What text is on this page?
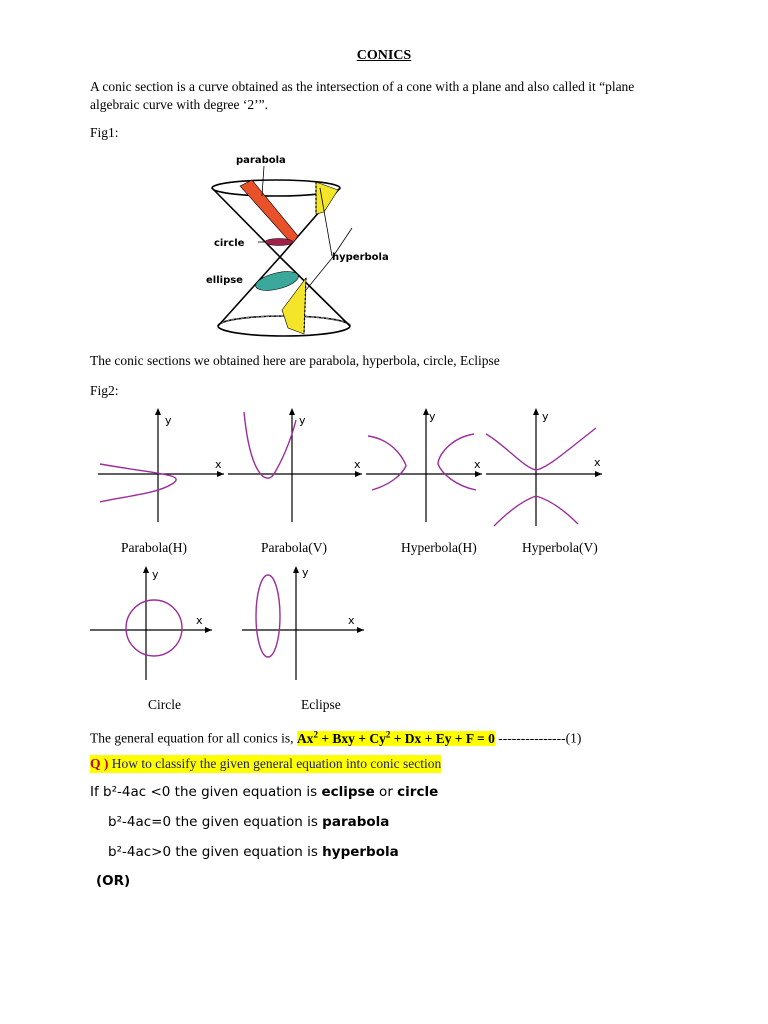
CONICS
A conic section is a curve obtained as the intersection of a cone with a plane and also called it “plane algebraic curve with degree ‘2’”.
Fig1:
parabola
circle
ellipse
hyperbola
The conic sections we obtained here are parabola, hyperbola, circle, Eclipse
Fig2:
y
x
y
x
y
x
y
x
Parabola(H)	Parabola(V)	Hyperbola(H)	Hyperbola(V)
y
x
y
x
Circle	Eclipse
The general equation for all conics is, $Ax^2$ + Bxy + $Cy^2 + Dx + Ey + F = 0$ ---------------(1)
Q ) How to classify the given general equation into conic section
If b²-4ac <0 the given equation is eclipse or circle
b²-4ac=0 the given equation is parabola
b²-4ac>0 the given equation is hyperbola
(OR)
